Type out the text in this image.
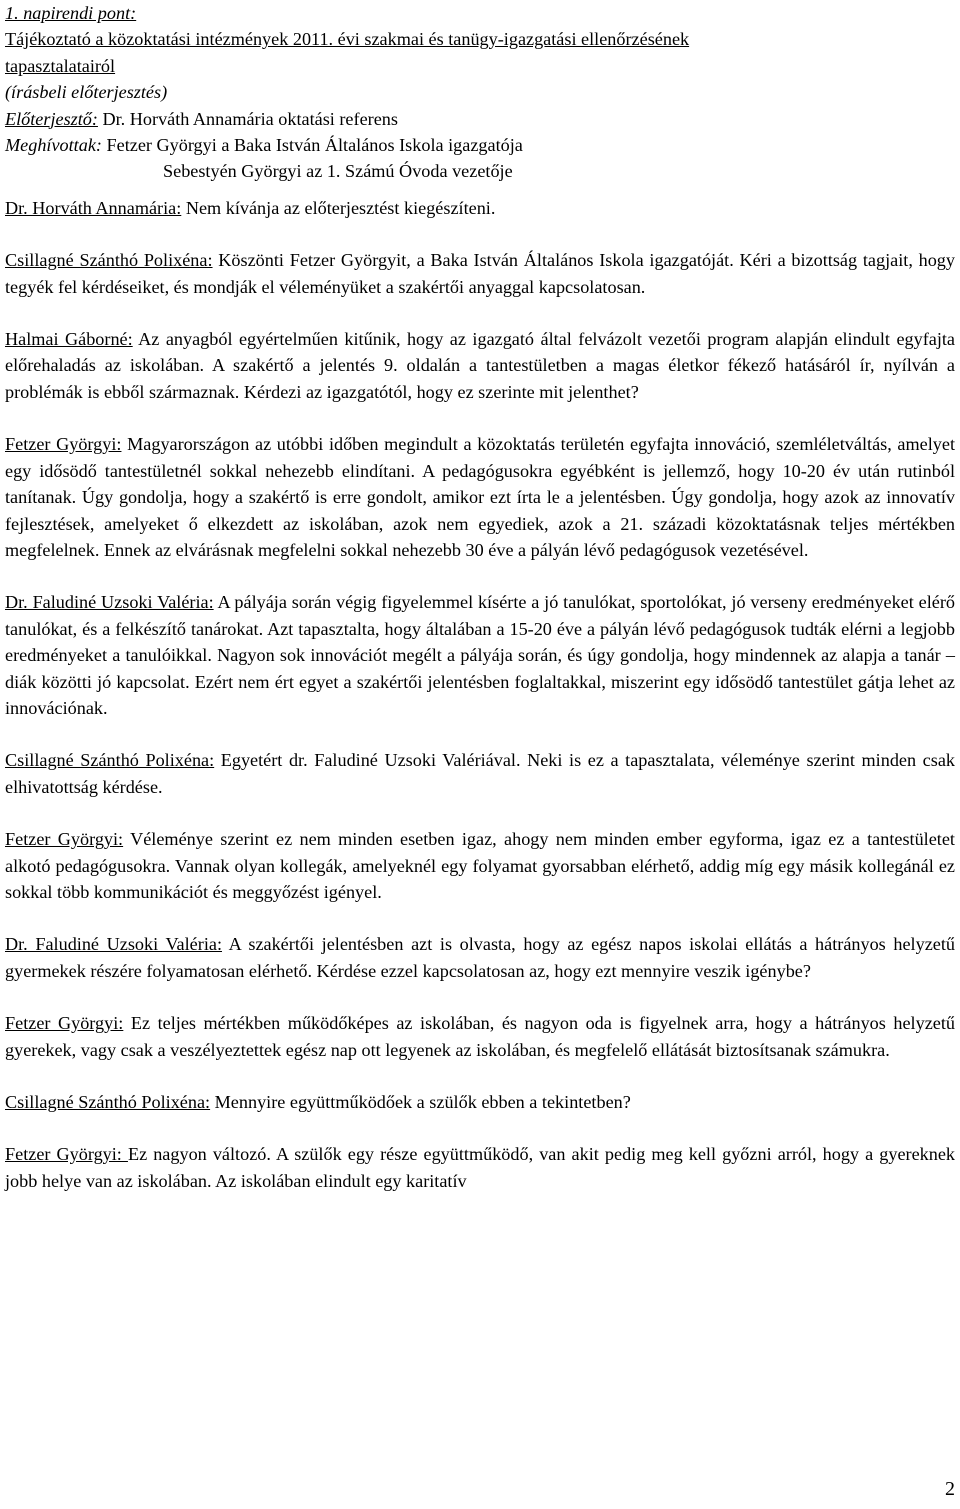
1. napirendi pont:
Tájékoztató a közoktatási intézmények 2011. évi szakmai és tanügy-igazgatási ellenőrzésének
tapasztalatairól
(írásbeli előterjesztés)
Előterjesztő: Dr. Horváth Annamária oktatási referens
Meghívottak: Fetzer Györgyi a Baka István Általános Iskola igazgatója
Sebestyén Györgyi az 1. Számú Óvoda vezetője

Dr. Horváth Annamária: Nem kívánja az előterjesztést kiegészíteni.

Csillagné Szánthó Polixéna: Köszönti Fetzer Györgyit, a Baka István Általános Iskola igazgatóját. Kéri a bizottság tagjait, hogy tegyék fel kérdéseiket, és mondják el véleményüket a szakértői anyaggal kapcsolatosan.

Halmai Gáborné: Az anyagból egyértelműen kitűnik, hogy az igazgató által felvázolt vezetői program alapján elindult egyfajta előrehaladás az iskolában. A szakértő a jelentés 9. oldalán a tantestületben a magas életkor fékező hatásáról ír, nyílván a problémák is ebből származnak. Kérdezi az igazgatótól, hogy ez szerinte mit jelenthet?

Fetzer Györgyi: Magyarországon az utóbbi időben megindult a közoktatás területén egyfajta innováció, szemléletváltás, amelyet egy idősödő tantestületnél sokkal nehezebb elindítani. A pedagógusokra egyébként is jellemző, hogy 10-20 év után rutinból tanítanak. Úgy gondolja, hogy a szakértő is erre gondolt, amikor ezt írta le a jelentésben. Úgy gondolja, hogy azok az innovatív fejlesztések, amelyeket ő elkezdett az iskolában, azok nem egyediek, azok a 21. századi közoktatásnak teljes mértékben megfelelnek. Ennek az elvárásnak megfelelni sokkal nehezebb 30 éve a pályán lévő pedagógusok vezetésével.

Dr. Faludiné Uzsoki Valéria: A pályája során végig figyelemmel kísérte a jó tanulókat, sportolókat, jó verseny eredményeket elérő tanulókat, és a felkészítő tanárokat. Azt tapasztalta, hogy általában a 15-20 éve a pályán lévő pedagógusok tudták elérni a legjobb eredményeket a tanulóikkal. Nagyon sok innovációt megélt a pályája során, és úgy gondolja, hogy mindennek az alapja a tanár – diák közötti jó kapcsolat. Ezért nem ért egyet a szakértői jelentésben foglaltakkal, miszerint egy idősödő tantestület gátja lehet az innovációnak.

Csillagné Szánthó Polixéna: Egyetért dr. Faludiné Uzsoki Valériával. Neki is ez a tapasztalata, véleménye szerint minden csak elhivatottság kérdése.

Fetzer Györgyi: Véleménye szerint ez nem minden esetben igaz, ahogy nem minden ember egyforma, igaz ez a tantestületet alkotó pedagógusokra. Vannak olyan kollegák, amelyeknél egy folyamat gyorsabban elérhető, addig míg egy másik kollegánál ez sokkal több kommunikációt és meggyőzést igényel.

Dr. Faludiné Uzsoki Valéria: A szakértői jelentésben azt is olvasta, hogy az egész napos iskolai ellátás a hátrányos helyzetű gyermekek részére folyamatosan elérhető. Kérdése ezzel kapcsolatosan az, hogy ezt mennyire veszik igénybe?

Fetzer Györgyi: Ez teljes mértékben működőképes az iskolában, és nagyon oda is figyelnek arra, hogy a hátrányos helyzetű gyerekek, vagy csak a veszélyeztettek egész nap ott legyenek az iskolában, és megfelelő ellátását biztosítsanak számukra.

Csillagné Szánthó Polixéna: Mennyire együttműködőek a szülők ebben a tekintetben?

Fetzer Györgyi: Ez nagyon változó. A szülők egy része együttműködő, van akit pedig meg kell győzni arról, hogy a gyereknek jobb helye van az iskolában. Az iskolában elindult egy karitatív

2
